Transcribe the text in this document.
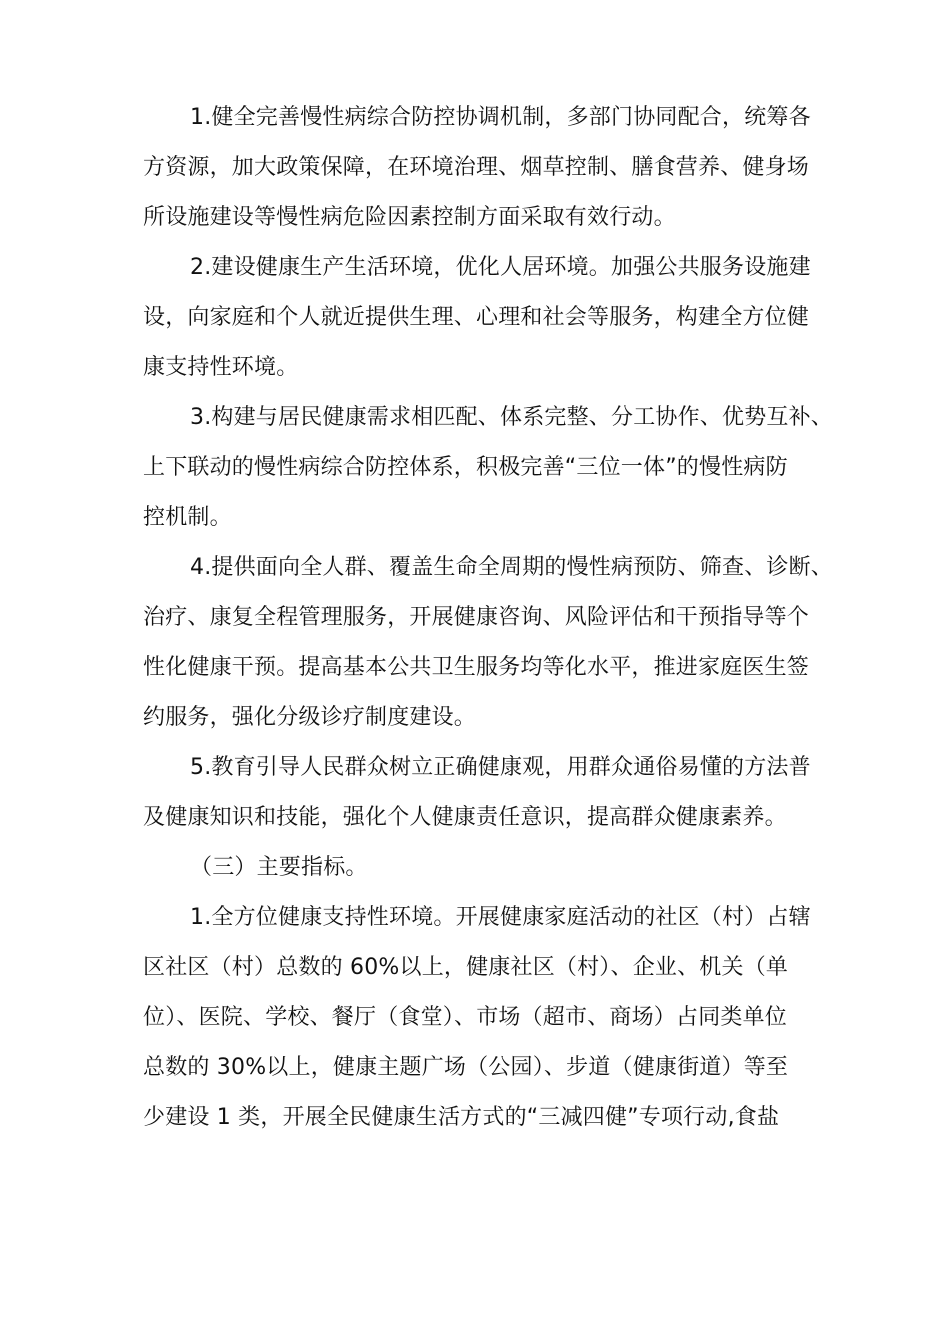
1.健全完善慢性病综合防控协调机制，多部门协同配合，统筹各
方资源，加大政策保障，在环境治理、烟草控制、膳食营养、健身场
所设施建设等慢性病危险因素控制方面采取有效行动。
2.建设健康生产生活环境，优化人居环境。加强公共服务设施建
设，向家庭和个人就近提供生理、心理和社会等服务，构建全方位健
康支持性环境。
3.构建与居民健康需求相匹配、体系完整、分工协作、优势互补、
上下联动的慢性病综合防控体系，积极完善“三位一体”的慢性病防
控机制。
4.提供面向全人群、覆盖生命全周期的慢性病预防、筛查、诊断、
治疗、康复全程管理服务，开展健康咨询、风险评估和干预指导等个
性化健康干预。提高基本公共卫生服务均等化水平，推进家庭医生签
约服务，强化分级诊疗制度建设。
5.教育引导人民群众树立正确健康观，用群众通俗易懂的方法普
及健康知识和技能，强化个人健康责任意识，提高群众健康素养。
（三）主要指标。
1.全方位健康支持性环境。开展健康家庭活动的社区（村）占辖
区社区（村）总数的 60%以上，健康社区（村）、企业、机关（单
位）、医院、学校、餐厅（食堂）、市场（超市、商场）占同类单位
总数的 30%以上，健康主题广场（公园）、步道（健康街道）等至
少建设 1 类，开展全民健康生活方式的“三减四健”专项行动,食盐
